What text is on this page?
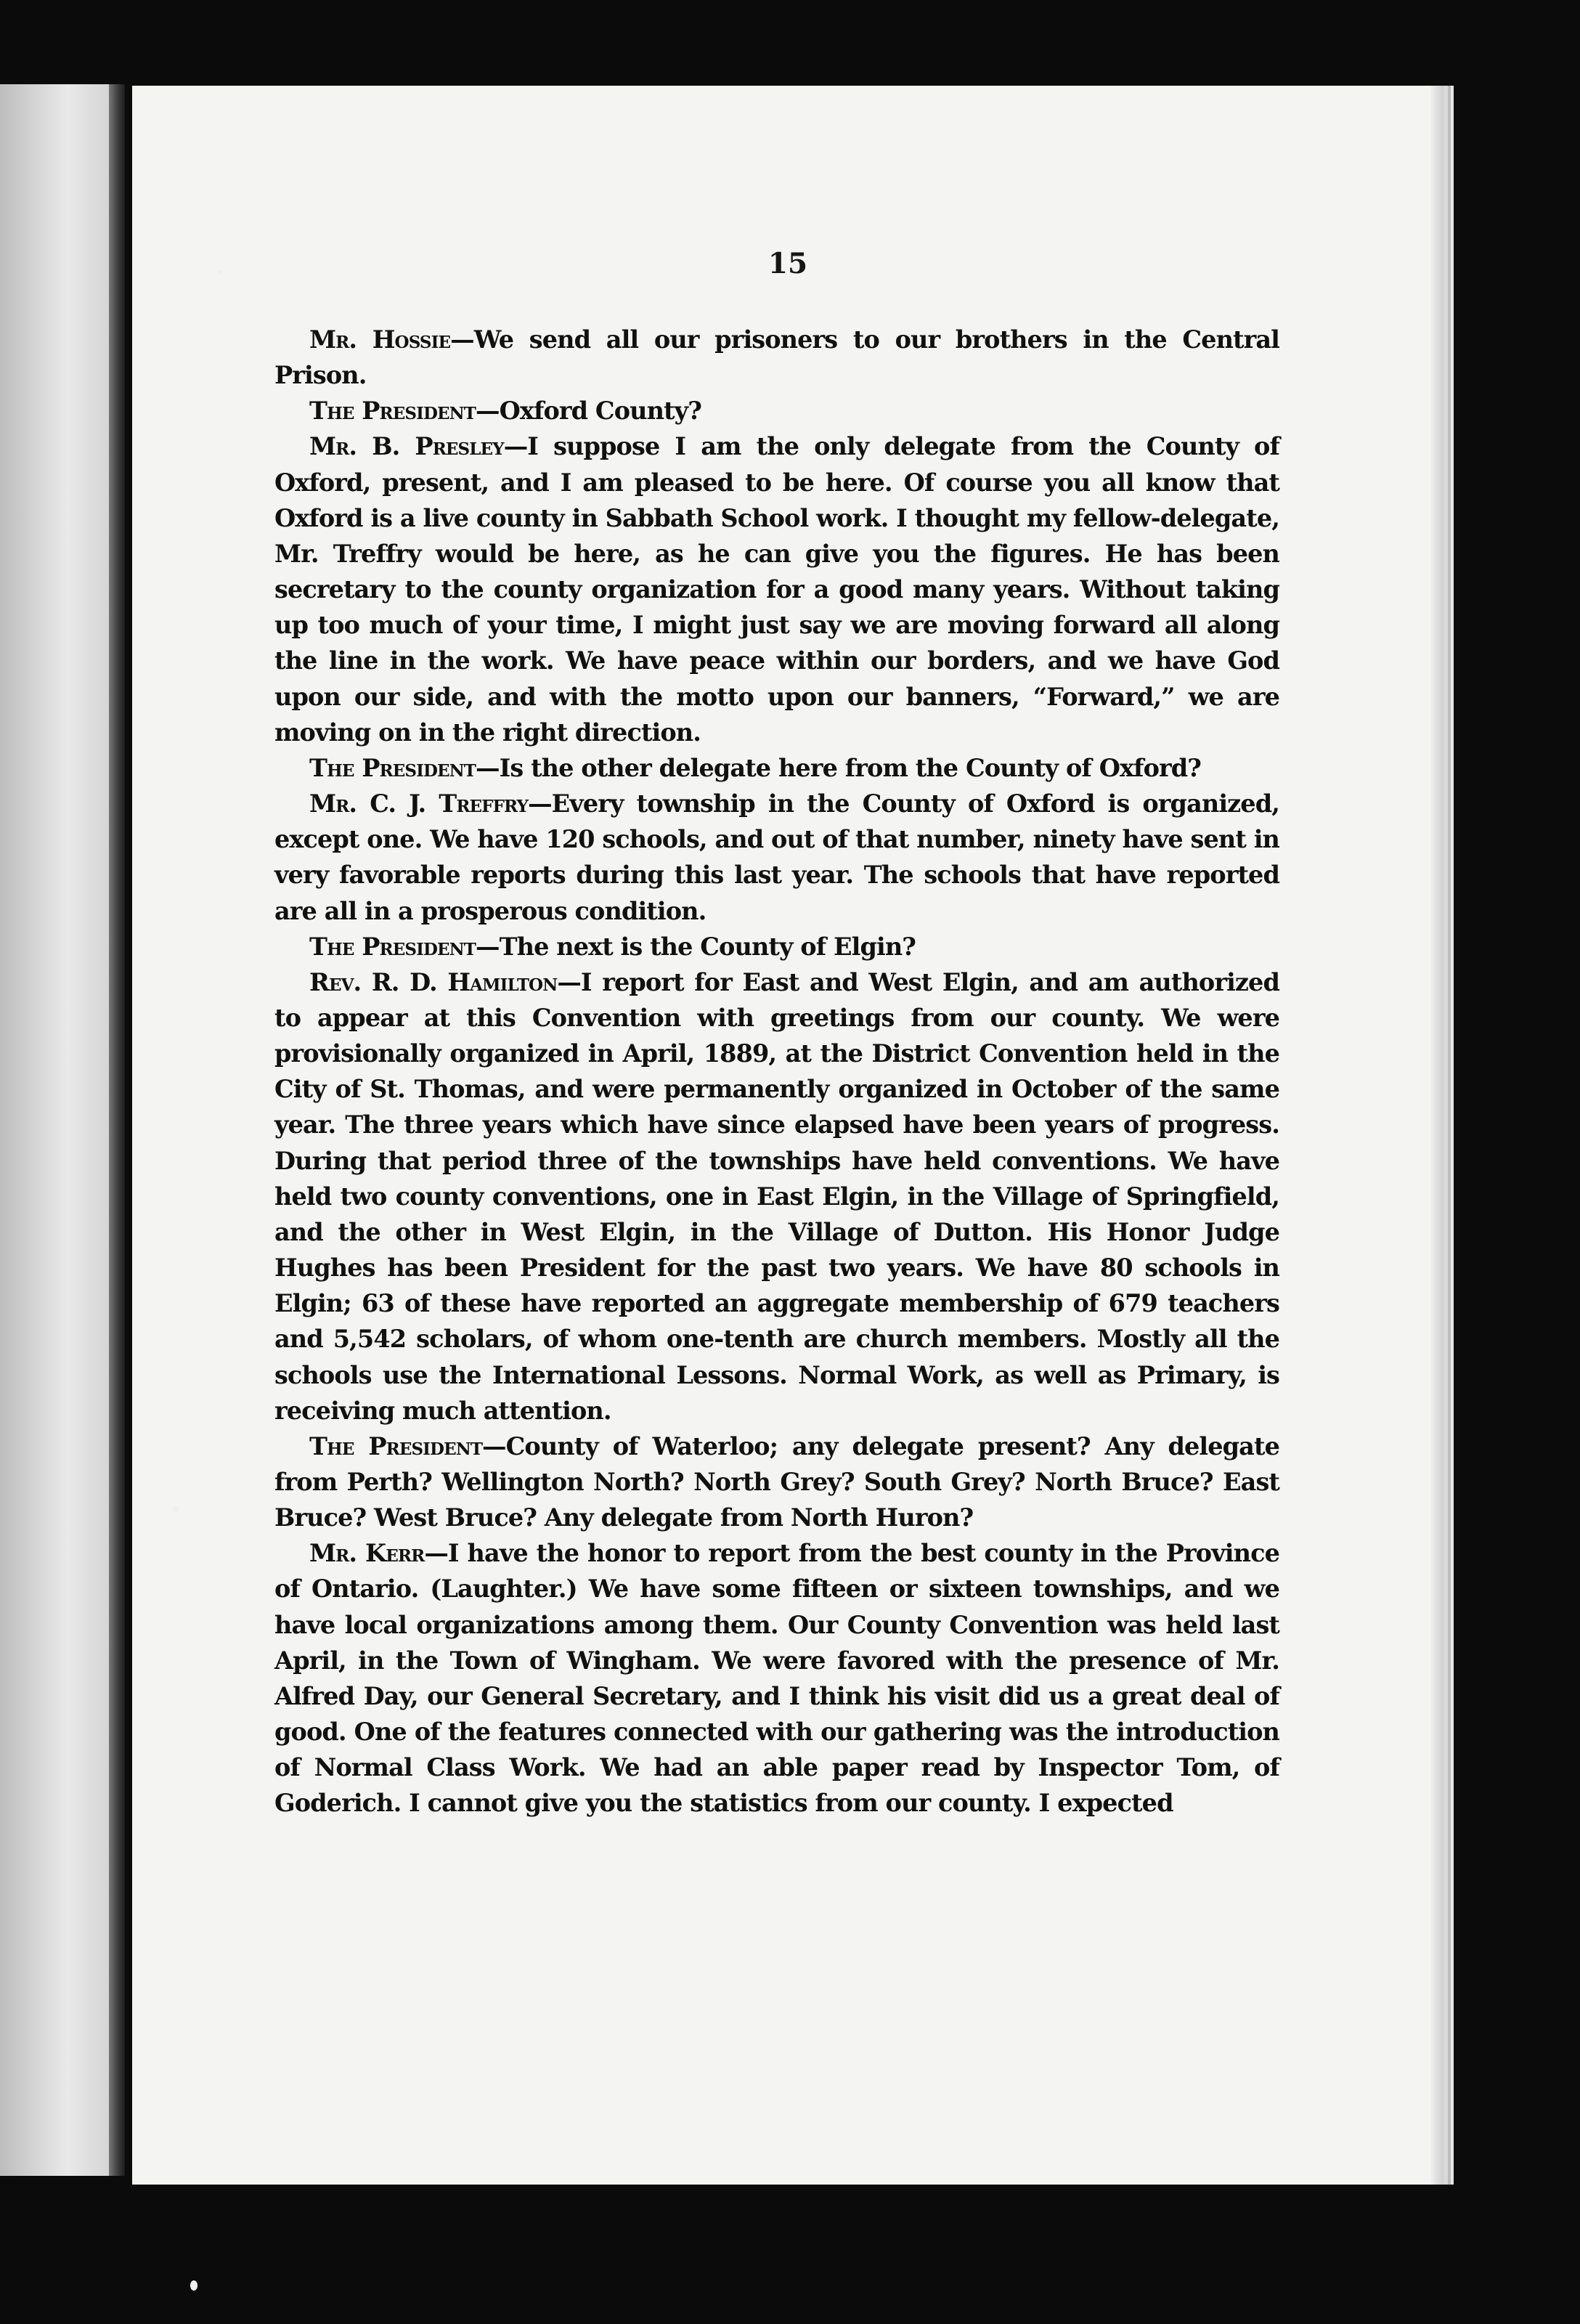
15

Mr. Hossie—We send all our prisoners to our brothers in the Central Prison.

The President—Oxford County?

Mr. B. Presley—I suppose I am the only delegate from the County of Oxford, present, and I am pleased to be here. Of course you all know that Oxford is a live county in Sabbath School work. I thought my fellow-delegate, Mr. Treffry would be here, as he can give you the figures. He has been secretary to the county organization for a good many years. Without taking up too much of your time, I might just say we are moving forward all along the line in the work. We have peace within our borders, and we have God upon our side, and with the motto upon our banners, “Forward,” we are moving on in the right direction.

The President—Is the other delegate here from the County of Oxford?

Mr. C. J. Treffry—Every township in the County of Oxford is organized, except one. We have 120 schools, and out of that number, ninety have sent in very favorable reports during this last year. The schools that have reported are all in a prosperous condition.

The President—The next is the County of Elgin?

Rev. R. D. Hamilton—I report for East and West Elgin, and am authorized to appear at this Convention with greetings from our county. We were provisionally organized in April, 1889, at the District Convention held in the City of St. Thomas, and were permanently organized in October of the same year. The three years which have since elapsed have been years of progress. During that period three of the townships have held conventions. We have held two county conventions, one in East Elgin, in the Village of Springfield, and the other in West Elgin, in the Village of Dutton. His Honor Judge Hughes has been President for the past two years. We have 80 schools in Elgin; 63 of these have reported an aggregate membership of 679 teachers and 5,542 scholars, of whom one-tenth are church members. Mostly all the schools use the International Lessons. Normal Work, as well as Primary, is receiving much attention.

The President—County of Waterloo; any delegate present? Any delegate from Perth? Wellington North? North Grey? South Grey? North Bruce? East Bruce? West Bruce? Any delegate from North Huron?

Mr. Kerr—I have the honor to report from the best county in the Province of Ontario. (Laughter.) We have some fifteen or sixteen townships, and we have local organizations among them. Our County Convention was held last April, in the Town of Wingham. We were favored with the presence of Mr. Alfred Day, our General Secretary, and I think his visit did us a great deal of good. One of the features connected with our gathering was the introduction of Normal Class Work. We had an able paper read by Inspector Tom, of Goderich. I cannot give you the statistics from our county. I expected
